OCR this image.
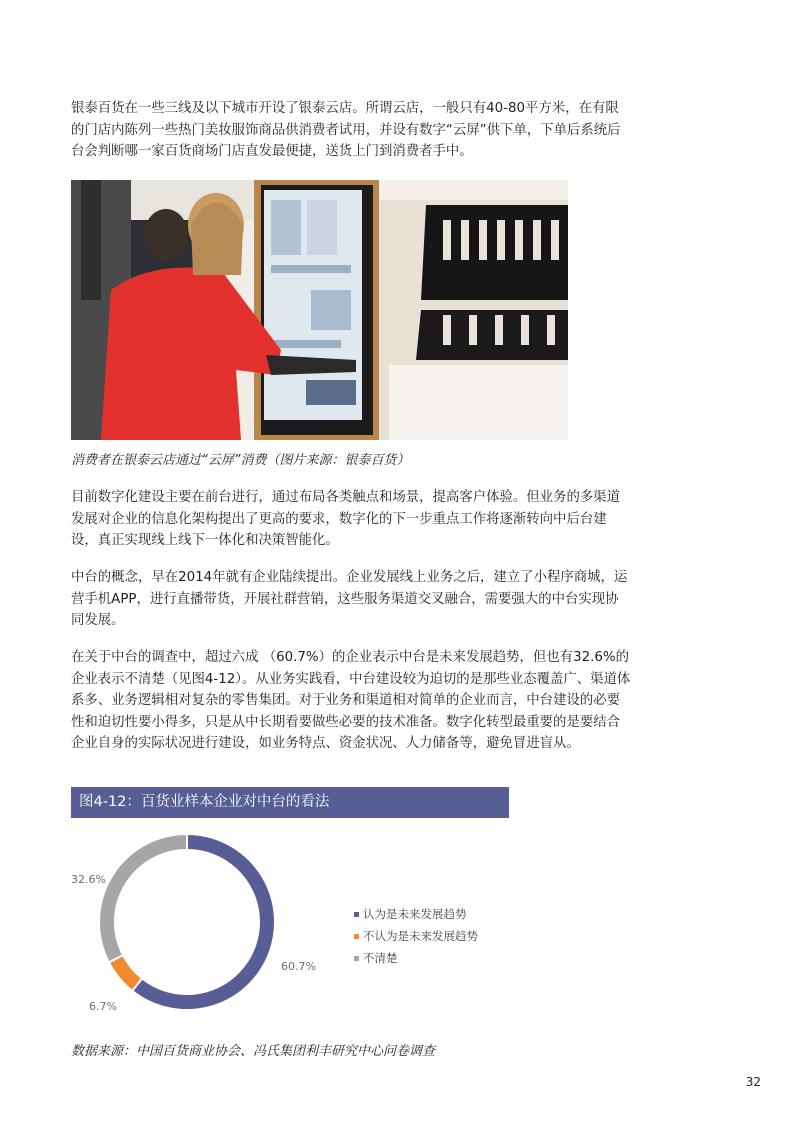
银泰百货在一些三线及以下城市开设了银泰云店。所谓云店，一般只有40-80平方米，在有限的门店内陈列一些热门美妆服饰商品供消费者试用，并设有数字“云屏”供下单，下单后系统后台会判断哪一家百货商场门店直发最便捷，送货上门到消费者手中。

消费者在银泰云店通过“云屏”消费（图片来源：银泰百货）

目前数字化建设主要在前台进行，通过布局各类触点和场景，提高客户体验。但业务的多渠道发展对企业的信息化架构提出了更高的要求，数字化的下一步重点工作将逐渐转向中后台建设，真正实现线上线下一体化和决策智能化。

中台的概念，早在2014年就有企业陆续提出。企业发展线上业务之后，建立了小程序商城，运营手机APP，进行直播带货，开展社群营销，这些服务渠道交叉融合，需要强大的中台实现协同发展。

在关于中台的调查中，超过六成 （60.7%）的企业表示中台是未来发展趋势，但也有32.6%的企业表示不清楚（见图4-12）。从业务实践看，中台建设较为迫切的是那些业态覆盖广、渠道体系多、业务逻辑相对复杂的零售集团。对于业务和渠道相对简单的企业而言，中台建设的必要性和迫切性要小得多，只是从中长期看要做些必要的技术准备。数字化转型最重要的是要结合企业自身的实际状况进行建设，如业务特点、资金状况、人力储备等，避免冒进盲从。

图4-12：百货业样本企业对中台的看法
60.7%
认为是未来发展趋势
6.7%
不认为是未来发展趋势
32.6%
不清楚

数据来源：中国百货商业协会、冯氏集团利丰研究中心问卷调查

32
